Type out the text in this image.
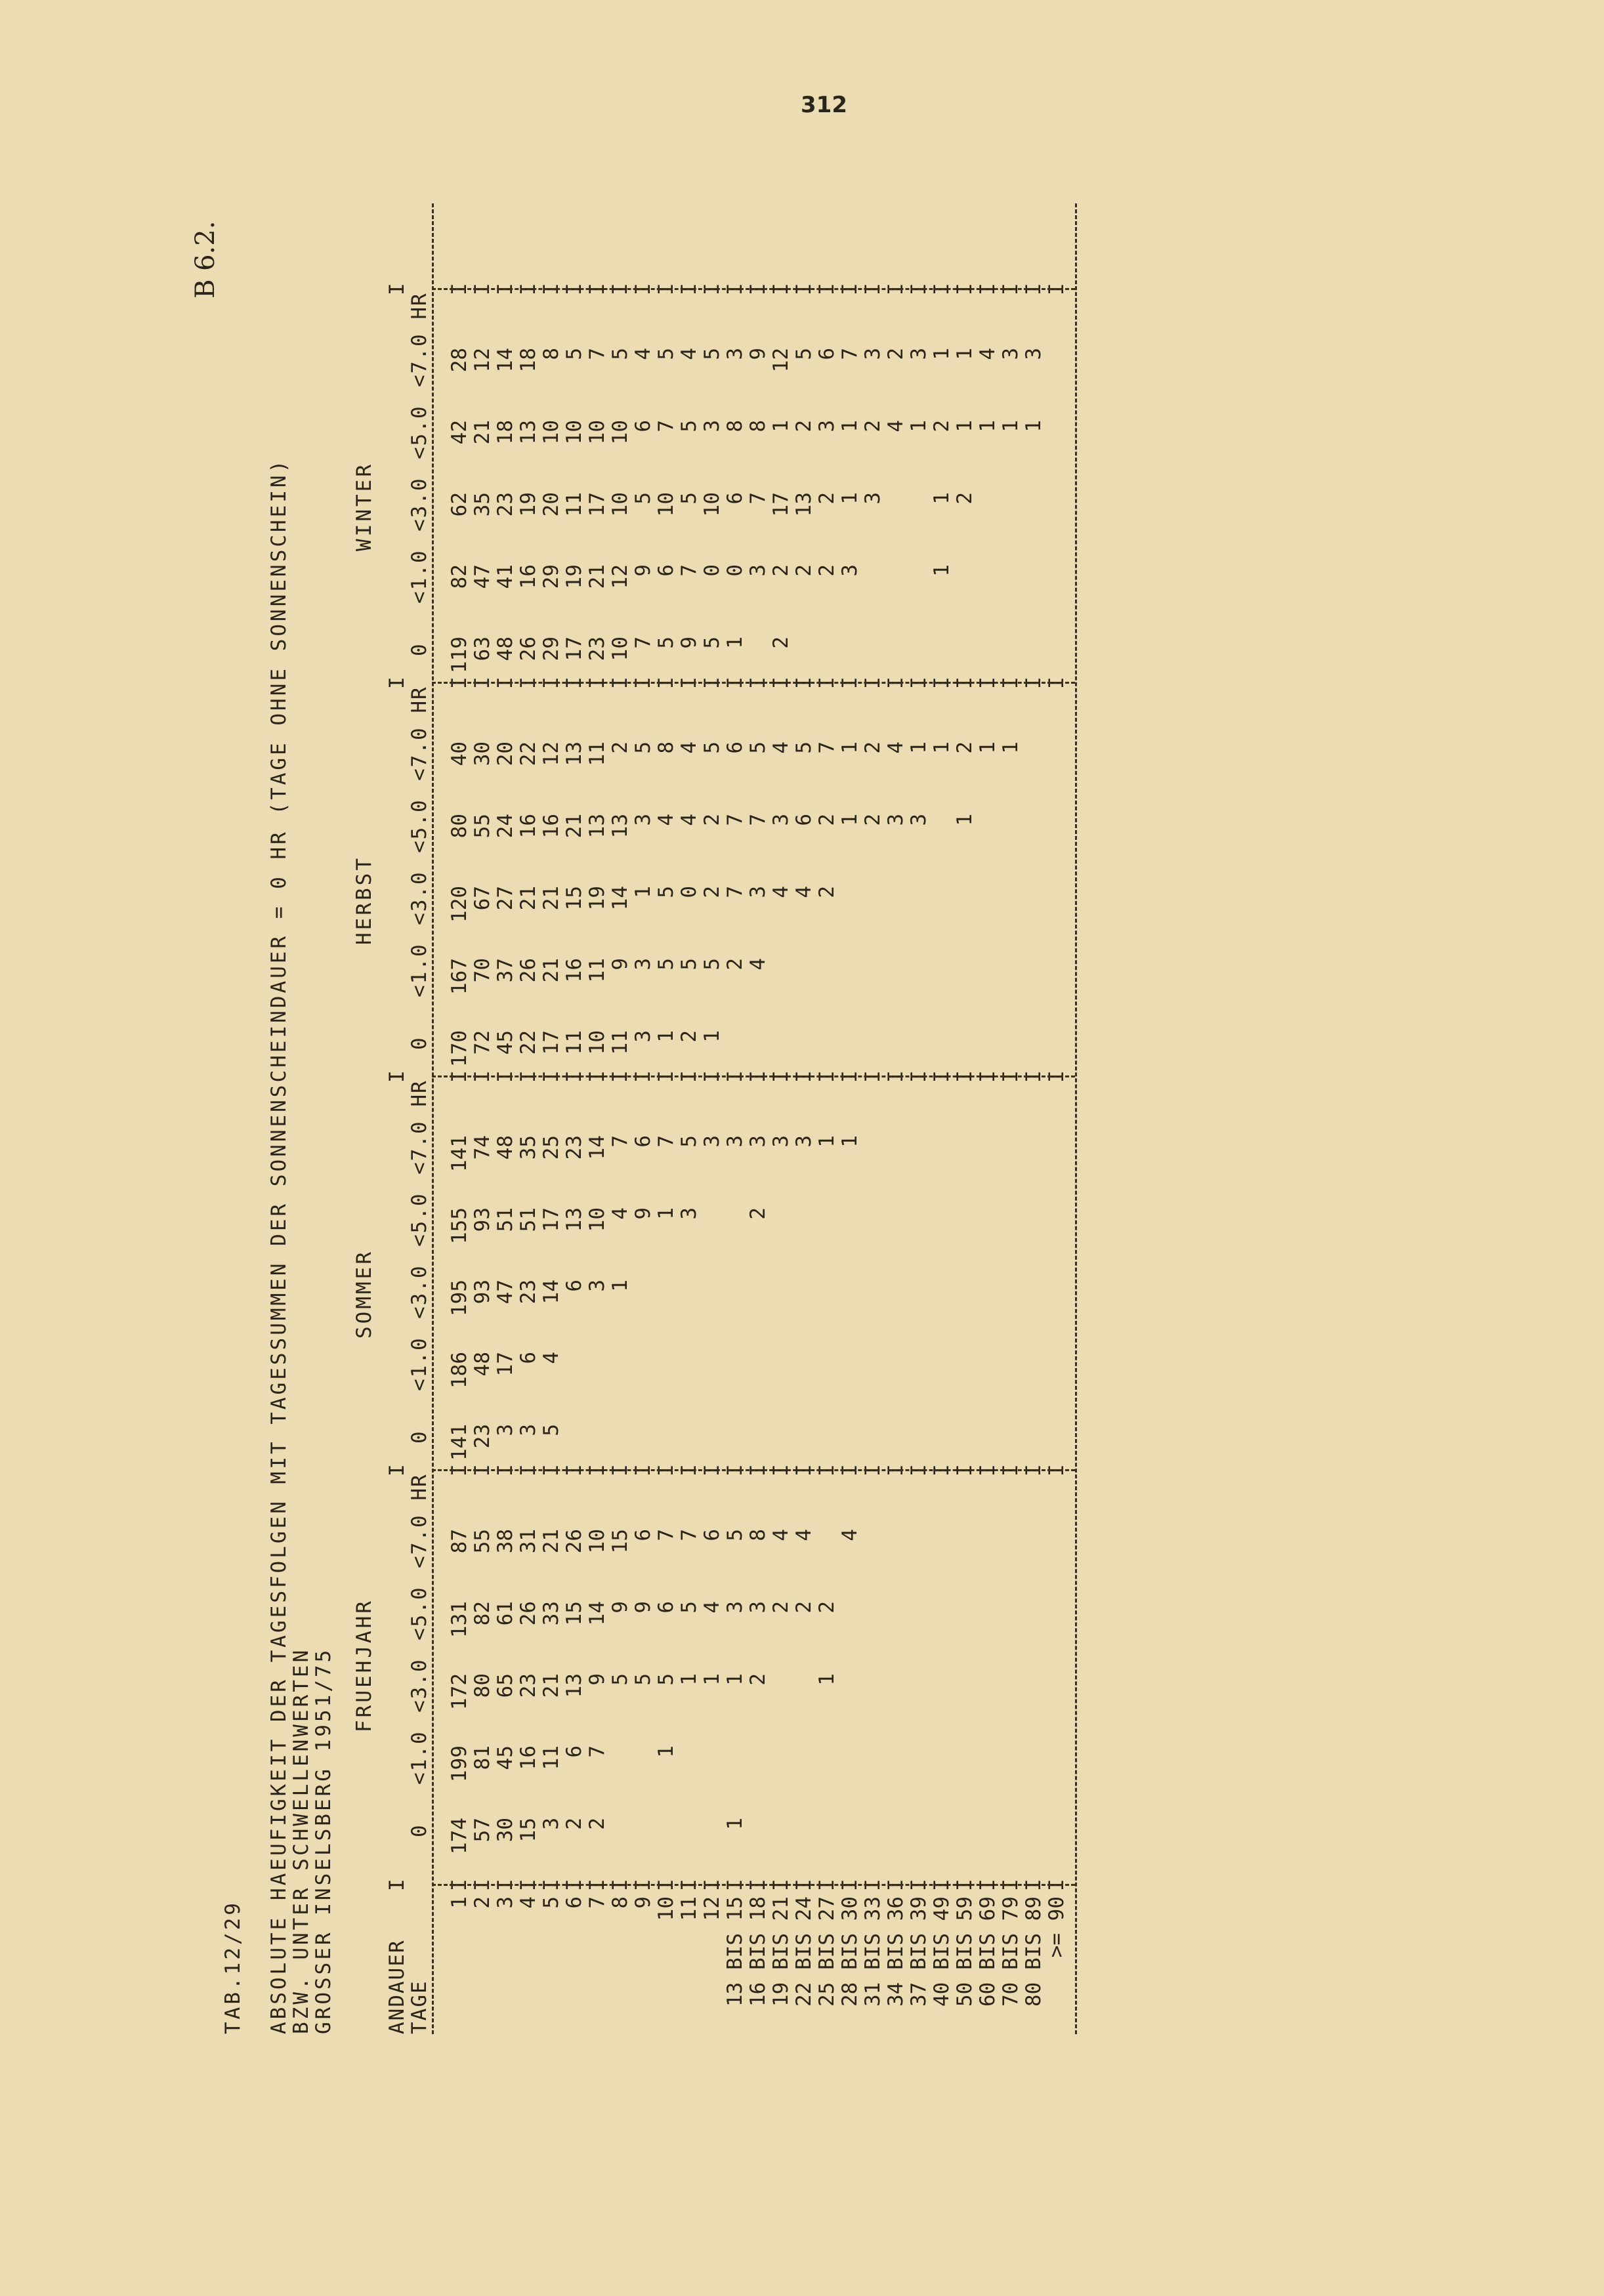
312
B 6.2.
TAB.12/29 ABSOLUTE HAEUFIGKEIT DER TAGESFOLGEN MIT TAGESSUMMEN DER SONNENSCHEINDAUER = 0 HR (TAGE OHNE SONNENSCHEIN)
BZW. UNTER SCHWELLENWERTEN
GROSSER INSELSBERG 1951/75 ANDAUER
TAGE
I
FRUEHJAHR
0
<1.0
<3.0
<5.0
<7.0 HR
I
SOMMER
0
<1.0
<3.0
<5.0
<7.0 HR
I
HERBST
0
<1.0
<3.0
<5.0
<7.0 HR
I
WINTER
0
<1.0
<3.0
<5.0
<7.0 HR
I
1
I
I
I
I
I
174
199
172
131
87
141
186
195
155
141
170
167
120
80
40
119
82
62
42
28
2
I
I
I
I
I
57
81
80
82
55
23
48
93
93
74
72
70
67
55
30
63
47
35
21
12
3
I
I
I
I
I
30
45
65
61
38
3
17
47
51
48
45
37
27
24
20
48
41
23
18
14
4
I
I
I
I
I
15
16
23
26
31
3
6
23
51
35
22
26
21
16
22
26
16
19
13
18
5
I
I
I
I
I
3
11
21
33
21
5
4
14
17
25
17
21
21
16
12
29
29
20
10
8
6
I
I
I
I
I
2
6
13
15
26
6
13
23
11
16
15
21
13
17
19
11
10
5
7
I
I
I
I
I
2
7
9
14
10
3
10
14
10
11
19
13
11
23
21
17
10
7
8
I
I
I
I
I
5
9
15
1
4
7
11
9
14
13
2
10
12
10
10
5
9
I
I
I
I
I
5
9
6
9
6
3
3
1
3
5
7
9
5
6
4
10
I
I
I
I
I
1
5
6
7
1
7
1
5
5
4
8
5
6
10
7
5
11
I
I
I
I
I
1
5
7
3
5
2
5
0
4
4
9
7
5
5
4
12
I
I
I
I
I
1
4
6
3
1
5
2
2
5
5
0
10
3
5
13 BIS 15
I
I
I
I
I
1
1
3
5
3
2
7
7
6
1
0
6
8
3
16 BIS 18
I
I
I
I
I
2
3
8
2
3
4
3
7
5
3
7
8
9
19 BIS 21
I
I
I
I
I
2
4
3
4
3
4
2
2
17
1
12
22 BIS 24
I
I
I
I
I
2
4
3
4
6
5
2
13
2
5
25 BIS 27
I
I
I
I
I
1
2
1
2
2
7
2
2
3
6
28 BIS 30
I
I
I
I
I
4
1
1
1
3
1
1
7
31 BIS 33
I
I
I
I
I
2
2
3
2
3
34 BIS 36
I
I
I
I
I
3
4
4
2
37 BIS 39
I
I
I
I
I
3
1
1
3
40 BIS 49
I
I
I
I
I
1
1
1
2
1
50 BIS 59
I
I
I
I
I
1
2
2
1
1
60 BIS 69
I
I
I
I
I
1
1
4
70 BIS 79
I
I
I
I
I
1
1
3
80 BIS 89
I
I
I
I
I
1
3
>= 90
I
I
I
I
I
